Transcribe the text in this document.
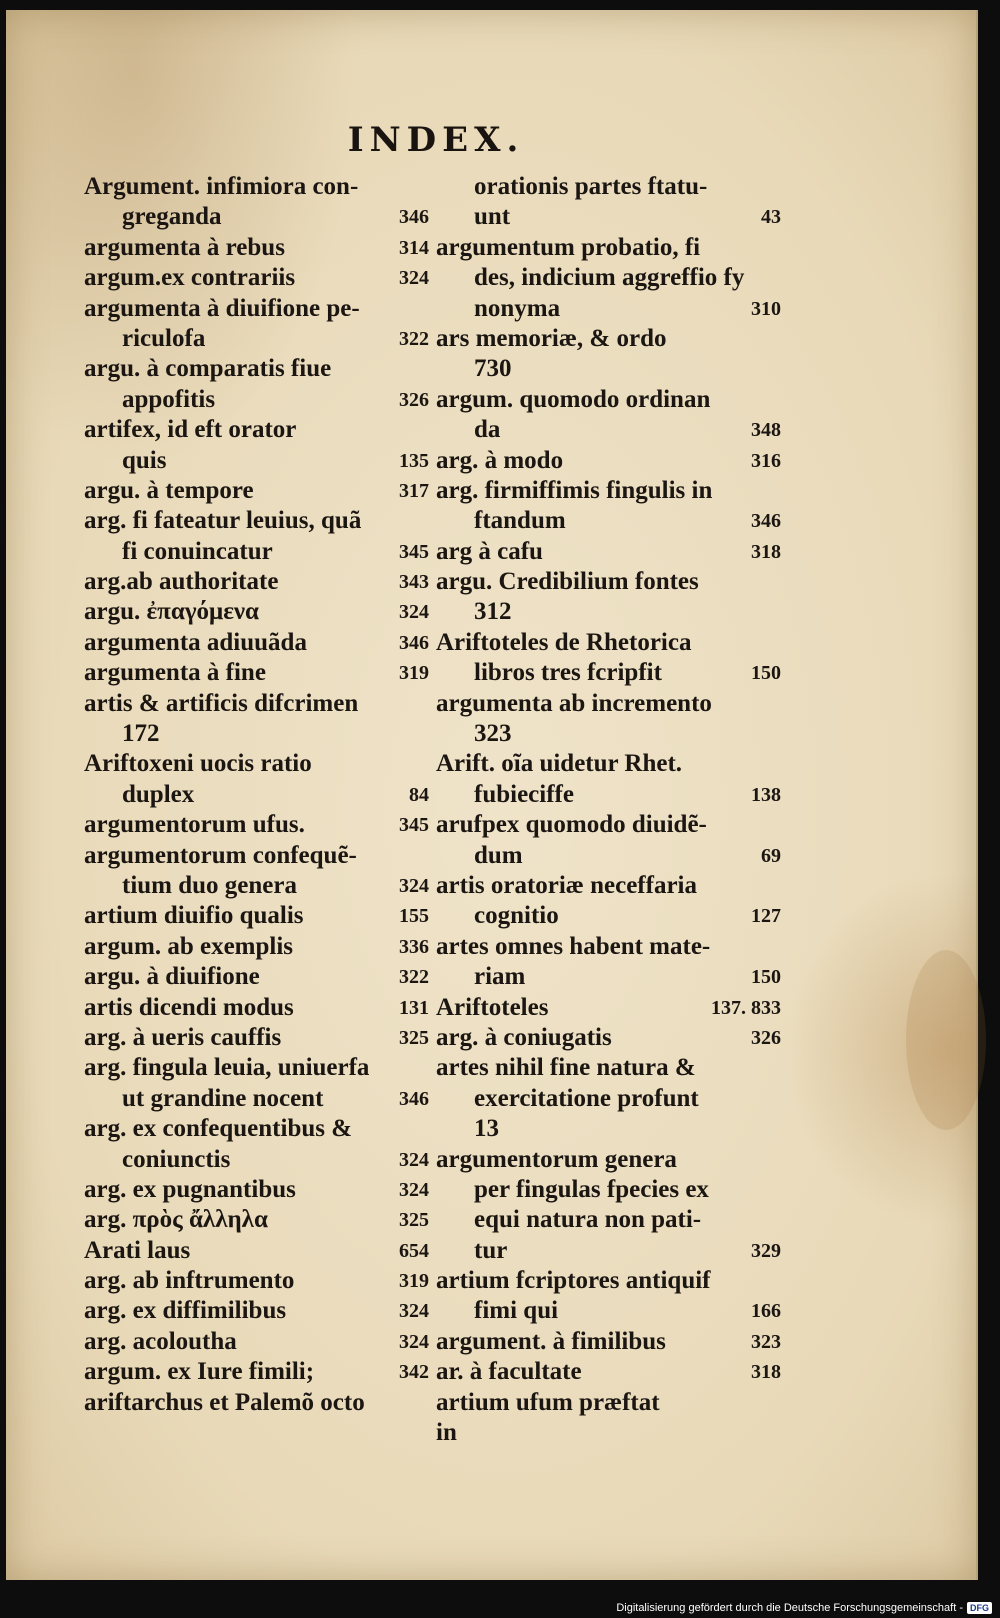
INDEX.
Argument. infimiora con-
greganda	346
argumenta à rebus	314
argum.ex contrariis	324
argumenta à diuifione pe-
riculofa	322
argu. à comparatis fiue
appofitis	326
artifex, id eft orator
quis	135
argu. à tempore	317
arg. fi fateatur leuius, quã
fi conuincatur	345
arg.ab authoritate	343
argu. ἐπαγόμενα	324
argumenta adiuuãda	346
argumenta à fine	319
artis & artificis difcrimen
172
Ariftoxeni uocis ratio
duplex	84
argumentorum ufus.	345
argumentorum confequẽ-
tium duo genera	324
artium diuifio qualis	155
argum. ab exemplis	336
argu. à diuifione	322
artis dicendi modus	131
arg. à ueris cauffis	325
arg. fingula leuia, uniuerfa
ut grandine nocent	346
arg. ex confequentibus &
coniunctis	324
arg. ex pugnantibus	324
arg. πρὸς ἄλληλα	325
Arati laus	654
arg. ab inftrumento	319
arg. ex diffimilibus	324
arg. acoloutha	324
argum. ex Iure fimili;	342
ariftarchus et Palemõ octo
orationis partes ftatu-
unt	43
argumentum probatio, fi
des, indicium aggreffio fy
nonyma	310
ars memoriæ, & ordo
730
argum. quomodo ordinan
da	348
arg. à modo	316
arg. firmiffimis fingulis in
ftandum	346
arg à cafu	318
argu. Credibilium fontes
312
Ariftoteles de Rhetorica
libros tres fcripfit	150
argumenta ab incremento
323
Arift. oĩa uidetur Rhet.
fubieciffe	138
arufpex quomodo diuidẽ-
dum	69
artis oratoriæ neceffaria
cognitio	127
artes omnes habent mate-
riam	150
Ariftoteles	137. 833
arg. à coniugatis	326
artes nihil fine natura &
exercitatione profunt
13
argumentorum genera
per fingulas fpecies ex
equi natura non pati-
tur	329
artium fcriptores antiquif
fimi qui	166
argument. à fimilibus	323
ar. à facultate	318
artium ufum præftat
in
Digitalisierung gefördert durch die Deutsche Forschungsgemeinschaft - DFG
